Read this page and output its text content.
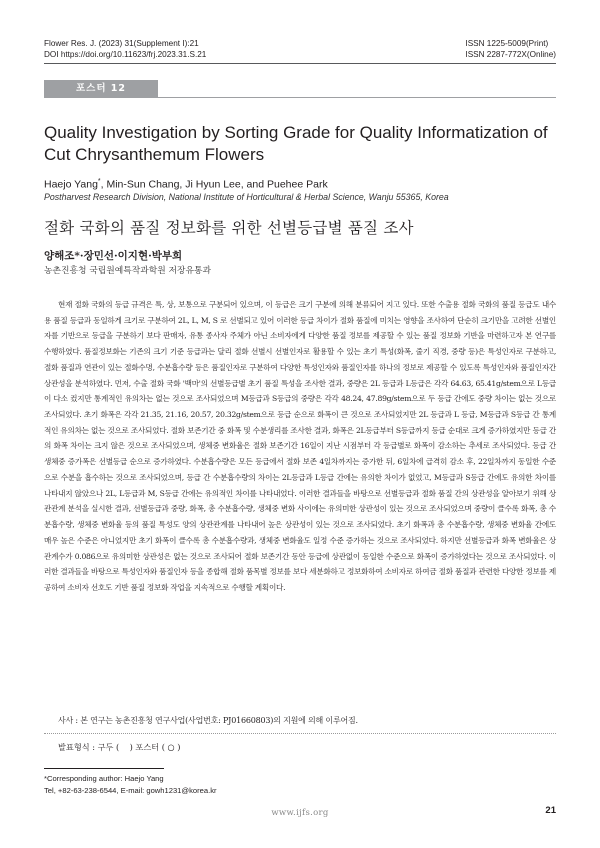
Flower Res. J. (2023) 31(Supplement I):21
DOI https://doi.org/10.11623/frj.2023.31.S.21
ISSN 1225-5009(Print)
ISSN 2287-772X(Online)
포스터 12
Quality Investigation by Sorting Grade for Quality Informatization of Cut Chrysanthemum Flowers
Haejo Yang*, Min-Sun Chang, Ji Hyun Lee, and Puehee Park
Postharvest Research Division, National Institute of Horticultural & Herbal Science, Wanju 55365, Korea
절화 국화의 품질 정보화를 위한 선별등급별 품질 조사
양해조*·장민선·이지현·박부희
농촌진흥청 국립원예특작과학원 저장유통과

현재 절화 국화의 등급 규격은 특, 상, 보통으로 구분되어 있으며, 이 등급은 크기 구분에 의해 분류되어 지고 있다. 또한 수출용 절화 국화의 품질 등급도 내수용 품질 등급과 동일하게 크기로 구분하여 2L, L, M, S 로 선별되고 있어 이러한 등급 차이가 절화 품질에 미치는 영향을 조사하여 단순히 크기만을 고려한 선별인자를 기반으로 등급을 구분하기 보다 판매자, 유통 종사자 주체가 아닌 소비자에게 다양한 품질 정보를 제공할 수 있는 품질 정보화 기반을 마련하고자 본 연구를 수행하였다. 품질정보화는 기존의 크기 기준 등급과는 달리 절화 선별시 선별인자로 활용할 수 있는 초기 특성(화폭, 줄기 직경, 중량 등)은 특성인자로 구분하고, 절화 품질과 연관이 있는 절화수명, 수분흡수량 등은 품질인자로 구분하여 다양한 특성인자와 품질인자를 하나의 정보로 제공할 수 있도록 특성인자와 품질인자간 상관성을 분석하였다. 먼저, 수출 절화 국화 '백마'의 선별등급별 초기 품질 특성을 조사한 결과, 중량은 2L 등급과 L등급은 각각 64.63, 65.41g/stem으로 L등급이 다소 컸지만 통계적인 유의차는 없는 것으로 조사되었으며 M등급과 S등급의 중량은 각각 48.24, 47.89g/stem으로 두 등급 간에도 중량 차이는 없는 것으로 조사되었다. 초기 화폭은 각각 21.35, 21.16, 20.57, 20.32g/stem으로 등급 순으로 화폭이 큰 것으로 조사되었지만 2L 등급과 L 등급, M등급과 S등급 간 통계적인 유의차는 없는 것으로 조사되었다. 절화 보존기간 중 화폭 및 수분생리를 조사한 결과, 화폭은 2L등급부터 S등급까지 등급 순대로 크게 증가하였지만 등급 간의 화폭 차이는 크지 않은 것으로 조사되었으며, 생체중 변화율은 절화 보존기간 16일이 지난 시점부터 각 등급별로 화폭이 감소하는 추세로 조사되었다. 등급 간 생체중 증가폭은 선별등급 순으로 증가하였다. 수분흡수량은 모든 등급에서 절화 보존 4일차까지는 증가한 뒤, 6일차에 급격히 감소 후, 22일차까지 동일한 수준으로 수분을 흡수하는 것으로 조사되었으며, 등급 간 수분흡수량의 차이는 2L등급과 L등급 간에는 유의한 차이가 없었고, M등급과 S등급 간에도 유의한 차이를 나타내지 않았으나 2L, L등급과 M, S등급 간에는 유의적인 차이를 나타내었다. 이러한 결과들을 바탕으로 선별등급과 절화 품질 간의 상관성을 알아보기 위해 상관관계 분석을 실시한 결과, 선별등급과 중량, 화폭, 총 수분흡수량, 생체중 변화 사이에는 유의미한 상관성이 있는 것으로 조사되었으며 중량이 클수록 화폭, 총 수분흡수량, 생체중 변화율 등의 품질 특성도 양의 상관관계를 나타내어 높은 상관성이 있는 것으로 조사되었다. 초기 화폭과 총 수분흡수량, 생체중 변화율 간에도 매우 높은 수준은 아니었지만 초기 화폭이 클수록 총 수분흡수량과, 생체중 변화율도 일정 수준 증가하는 것으로 조사되었다. 하지만 선별등급과 화폭 변화율은 상관계수가 0.086으로 유의미한 상관성은 없는 것으로 조사되어 절화 보존기간 동안 등급에 상관없이 동일한 수준으로 화폭이 증가하였다는 것으로 조사되었다. 이러한 결과들을 바탕으로 특성인자와 품질인자 등을 종합해 절화 품목별 정보를 보다 세분화하고 정보화하여 소비자로 하여금 절화 품질과 관련한 다양한 정보를 제공하여 소비자 선호도 기반 품질 정보화 작업을 지속적으로 수행할 계획이다.

사사 : 본 연구는 농촌진흥청 연구사업(사업번호: PJ01660803)의 지원에 의해 이루어짐.
발표형식 : 구두 (    ) 포스터 ( ○ )
*Corresponding author: Haejo Yang
Tel, +82-63-238-6544, E-mail: gowh1231@korea.kr
www.ijfs.org	21
